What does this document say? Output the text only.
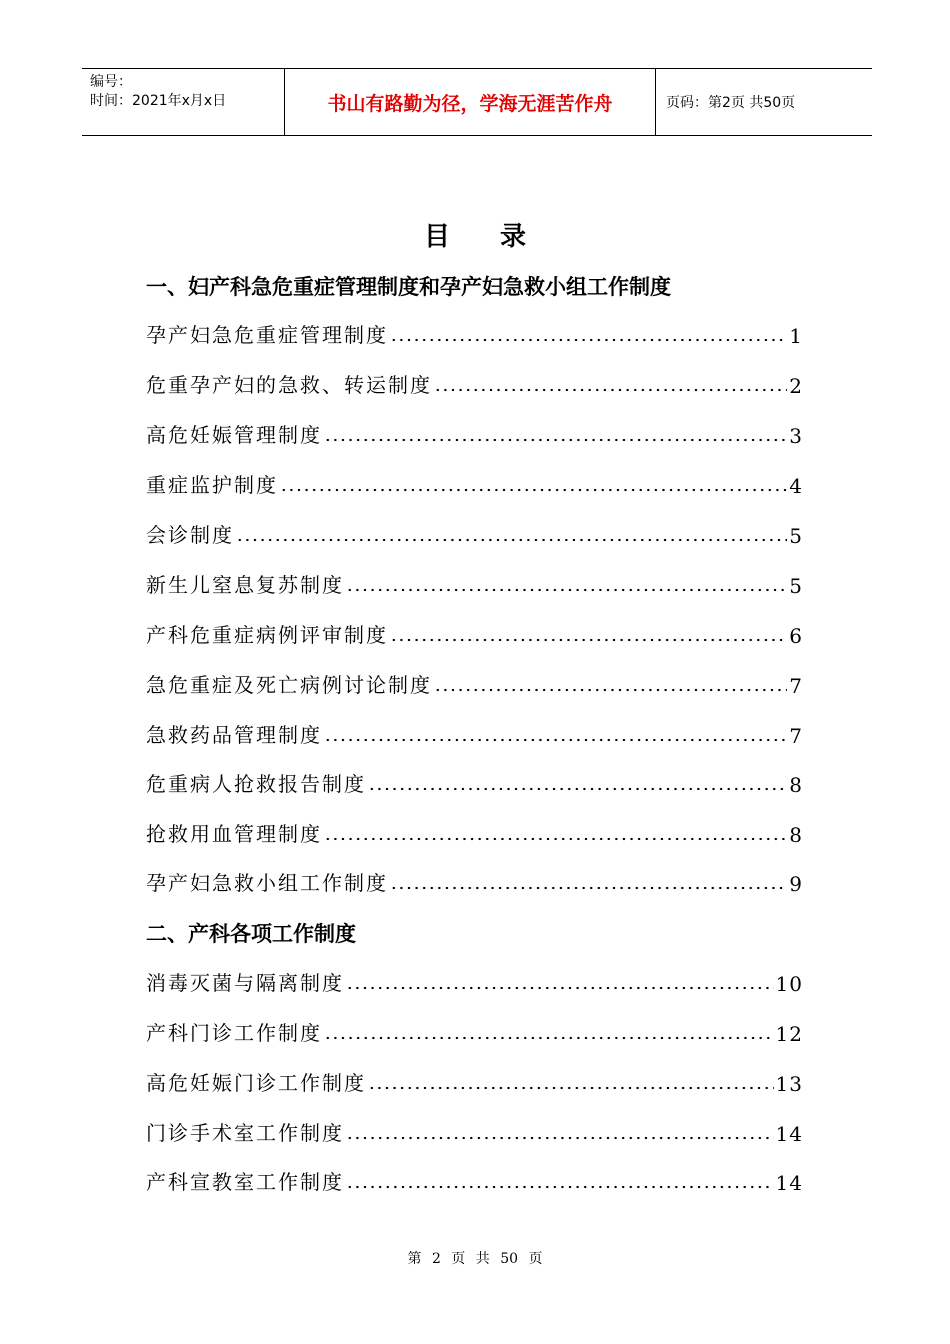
编号：
时间：2021年x月x日	书山有路勤为径，学海无涯苦作舟	页码：第2页 共50页
目录
一、妇产科急危重症管理制度和孕产妇急救小组工作制度
孕产妇急危重症管理制度	1
危重孕产妇的急救、转运制度	2
高危妊娠管理制度	3
重症监护制度	4
会诊制度	5
新生儿窒息复苏制度	5
产科危重症病例评审制度	6
急危重症及死亡病例讨论制度	7
急救药品管理制度	7
危重病人抢救报告制度	8
抢救用血管理制度	8
孕产妇急救小组工作制度	9
二、产科各项工作制度
消毒灭菌与隔离制度	10
产科门诊工作制度	12
高危妊娠门诊工作制度	13
门诊手术室工作制度	14
产科宣教室工作制度	14
第 2 页 共 50 页
